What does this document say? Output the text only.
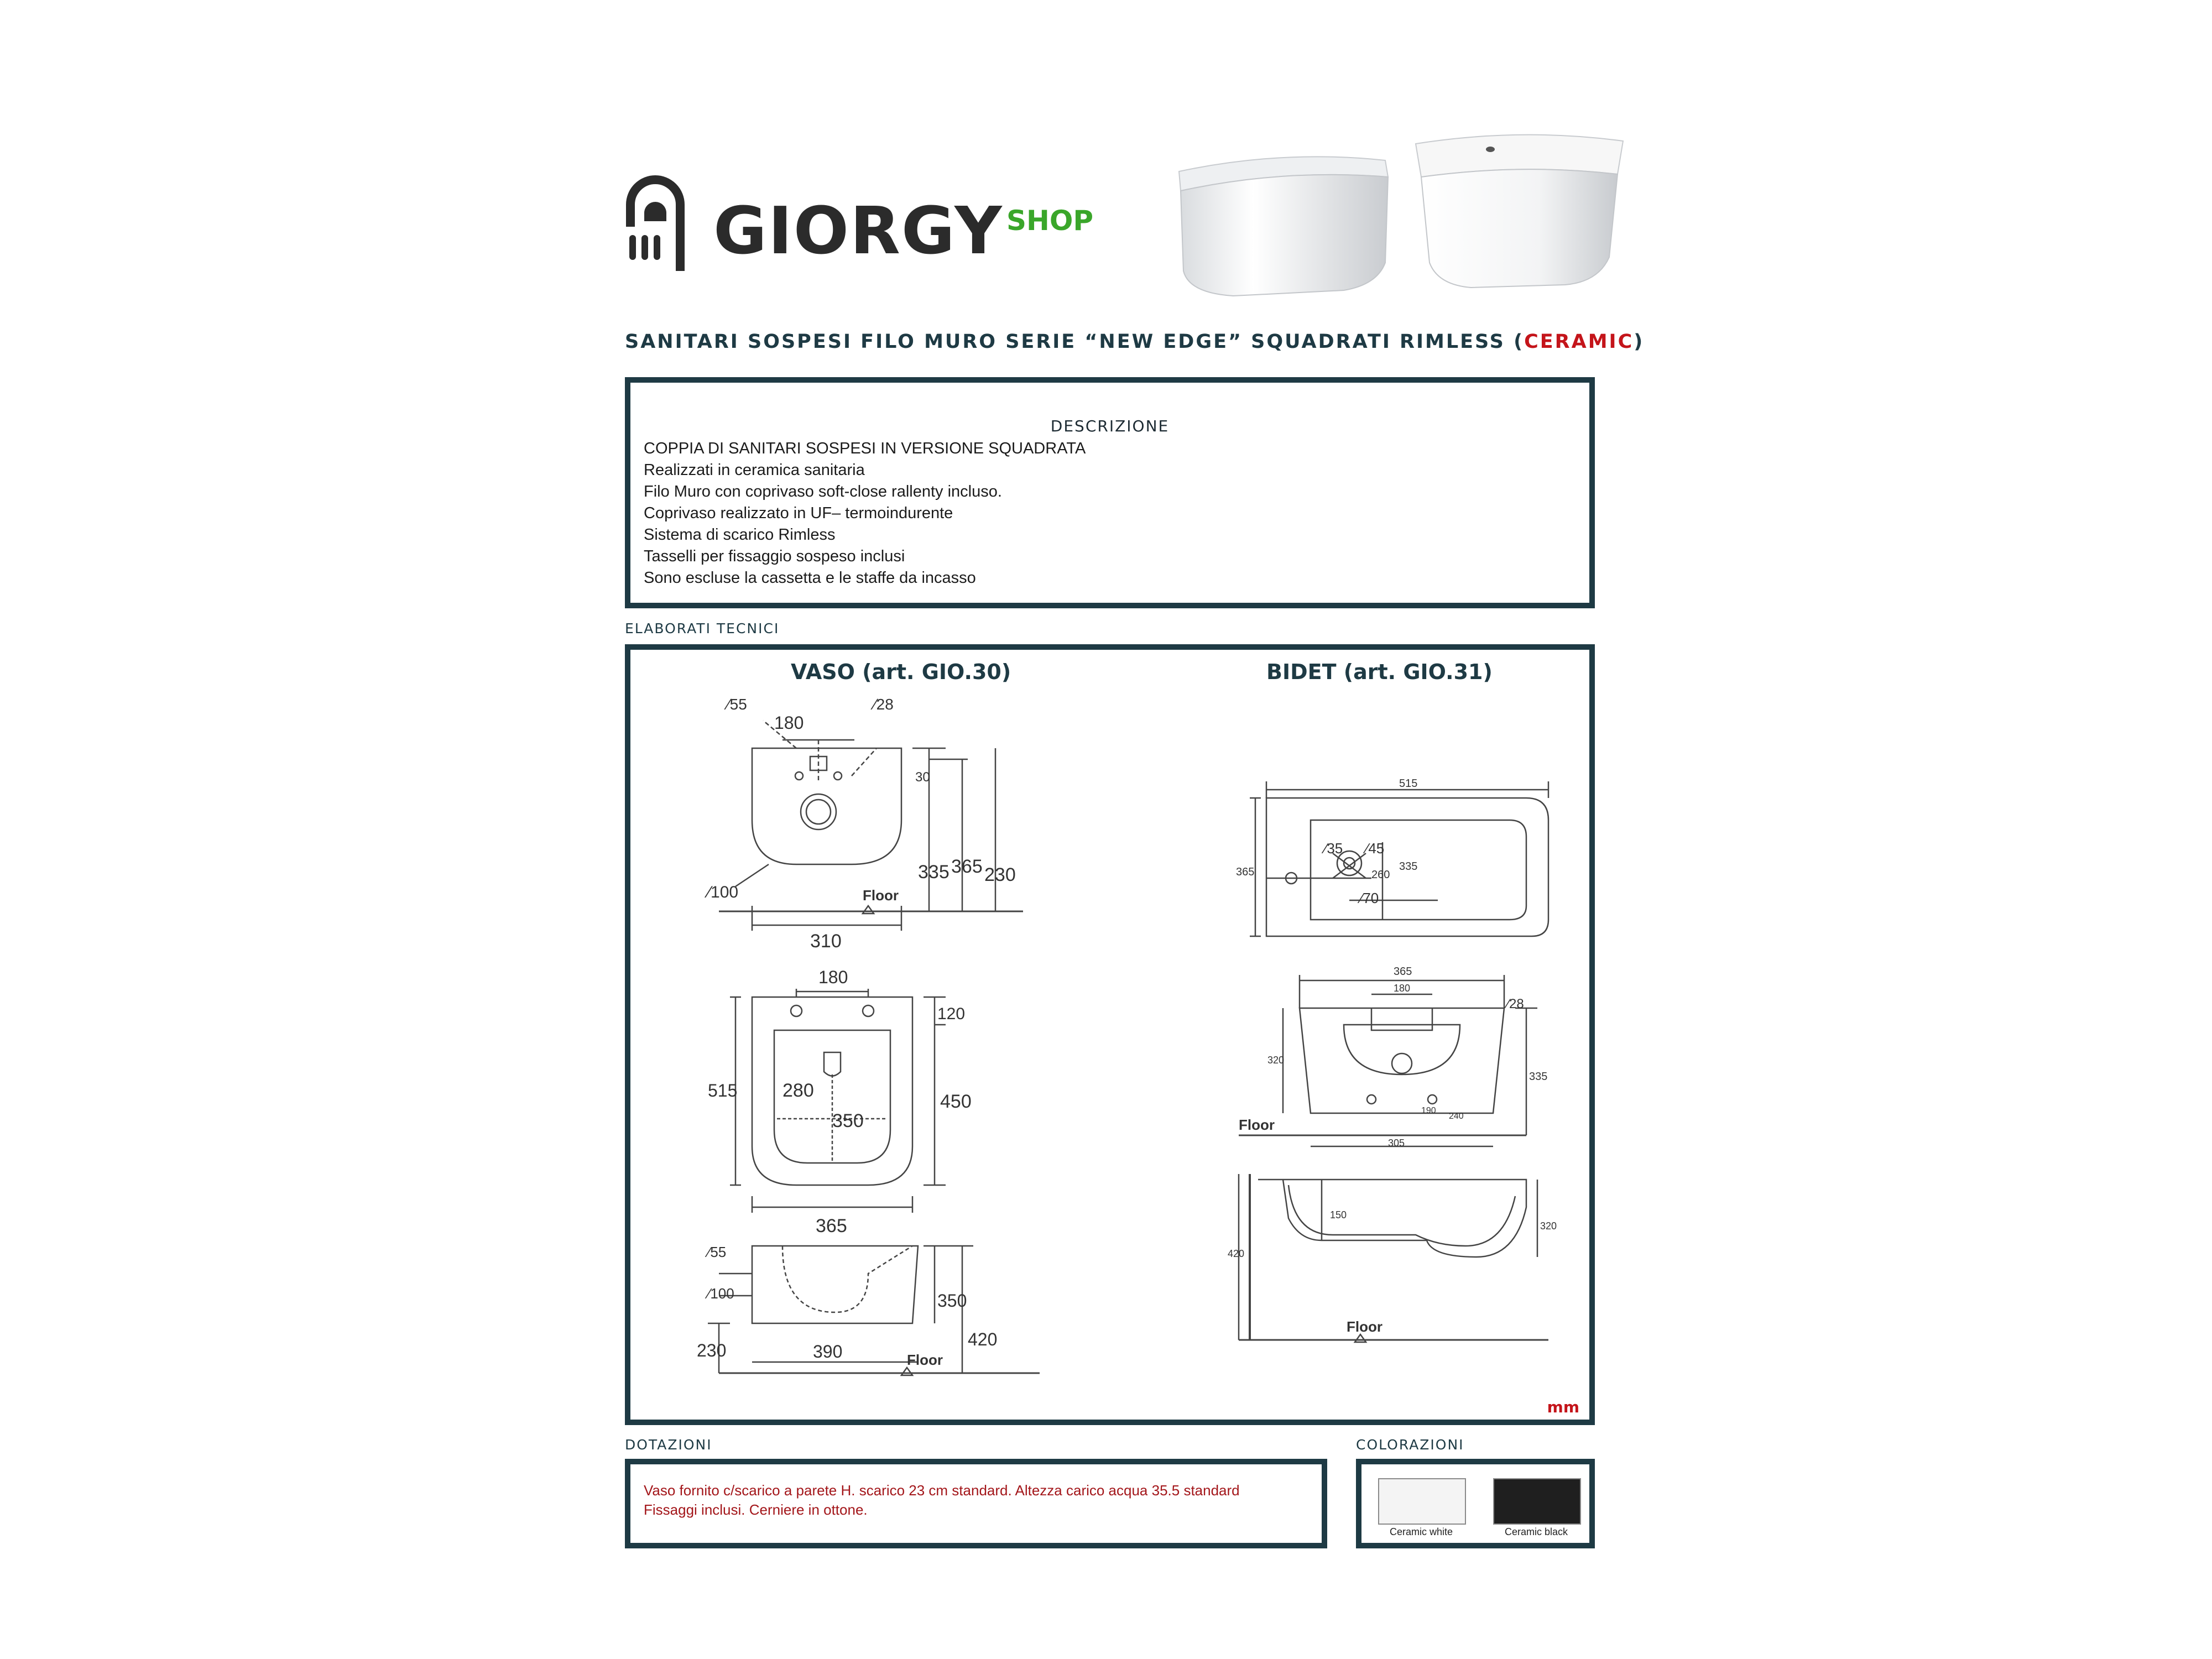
GIORGY SHOP
SANITARI SOSPESI FILO MURO SERIE “NEW EDGE” SQUADRATI RIMLESS (CERAMIC)
DESCRIZIONE
COPPIA DI SANITARI SOSPESI IN VERSIONE SQUADRATA
Realizzati in ceramica sanitaria
Filo Muro con coprivaso soft-close rallenty incluso.
Coprivaso realizzato in UF– termoindurente
Sistema di scarico Rimless
Tasselli per fissaggio sospeso inclusi
Sono escluse la cassetta e le staffe da incasso
ELABORATI TECNICI
VASO (art. GIO.30)	BIDET (art. GIO.31)
mm
∕55
180
∕28
∕100
30
335 365 230
Floor
310
180
120
515 280
350
450
365
∕55
∕100	350
420
230	390	Floor
515
365
∕35 ∕45
260
335
∕70
365
180
∕28
320
335
190
240
305
Floor
420
150
320
Floor
DOTAZIONI
Vaso fornito c/scarico a parete H. scarico 23 cm standard. Altezza carico acqua 35.5 standard
Fissaggi inclusi. Cerniere in ottone.
COLORAZIONI
Ceramic white	Ceramic black
